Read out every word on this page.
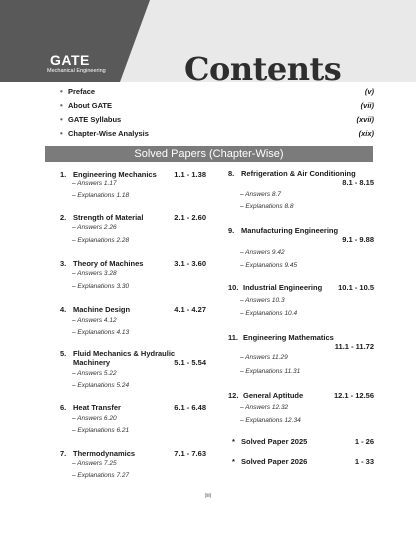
GATE
Mechanical Engineering Contents
• Preface	(v)
• About GATE	(vii)
• GATE Syllabus	(xvii)
• Chapter-Wise Analysis	(xix)
Solved Papers (Chapter-Wise)
1. Engineering Mechanics 1.1 - 1.38
– Answers 1.17
– Explanations 1.18
2. Strength of Material	2.1 - 2.60
– Answers 2.26
– Explanations 2.28
3. Theory of Machines	3.1 - 3.60
– Answers 3.28
– Explanations 3.30
4. Machine Design	4.1 - 4.27
– Answers 4.12
– Explanations 4.13
5. Fluid Mechanics & Hydraulic Machinery	5.1 - 5.54
– Answers 5.22
– Explanations 5.24
6. Heat Transfer	6.1 - 6.48
– Answers 6.20
– Explanations 6.21
7. Thermodynamics	7.1 - 7.63
– Answers 7.25
– Explanations 7.27
8. Refrigeration & Air Conditioning
8.1 - 8.15
– Answers 8.7
– Explanations 8.8
9. Manufacturing Engineering
9.1 - 9.88
– Answers 9.42
– Explanations 9.45
10. Industrial Engineering 10.1 - 10.5
– Answers 10.3
– Explanations 10.4
11. Engineering Mathematics
11.1 - 11.72
– Answers 11.29
– Explanations 11.31
12. General Aptitude	12.1 - 12.56
– Answers 12.32
– Explanations 12.34
* Solved Paper 2025	1 - 26
* Solved Paper 2026	1 - 33
(iii)
